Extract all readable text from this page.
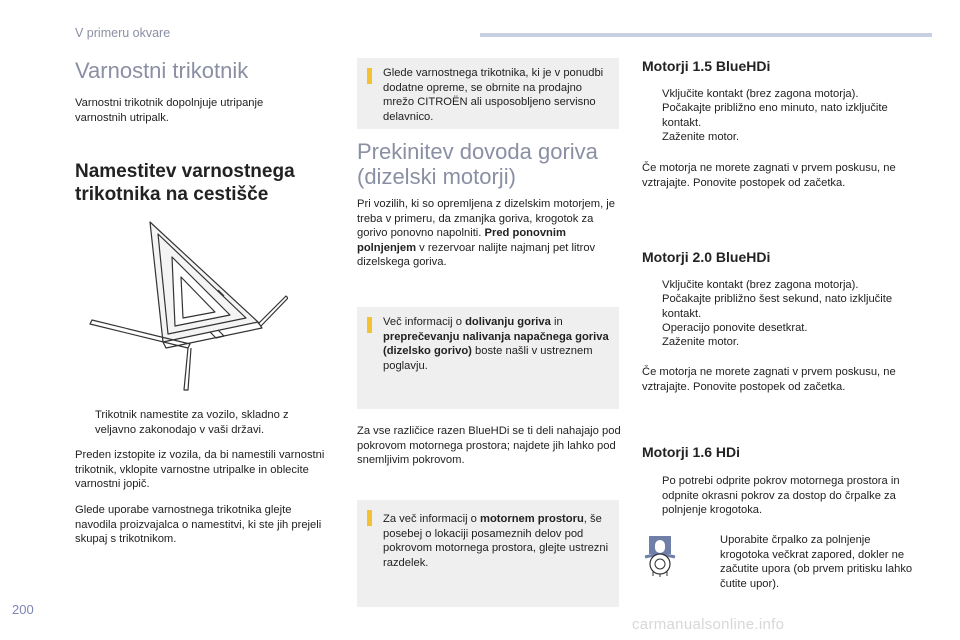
V primeru okvare
Varnostni trikotnik

Varnostni trikotnik dopolnjuje utripanje varnostnih utripalk.

Namestitev varnostnega trikotnika na cestišče
Trikotnik namestite za vozilo, skladno z veljavno zakonodajo v vaši državi.

Preden izstopite iz vozila, da bi namestili varnostni trikotnik, vklopite varnostne utripalke in oblecite varnostni jopič.

Glede uporabe varnostnega trikotnika glejte navodila proizvajalca o namestitvi, ki ste jih prejeli skupaj s trikotnikom.

Glede varnostnega trikotnika, ki je v ponudbi dodatne opreme, se obrnite na prodajno mrežo CITROËN ali usposobljeno servisno delavnico.
Prekinitev dovoda goriva (dizelski motorji)

Pri vozilih, ki so opremljena z dizelskim motorjem, je treba v primeru, da zmanjka goriva, krogotok za gorivo ponovno napolniti. Pred ponovnim polnjenjem v rezervoar nalijte najmanj pet litrov dizelskega goriva.

Več informacij o dolivanju goriva in preprečevanju nalivanja napačnega goriva (dizelsko gorivo) boste našli v ustreznem poglavju.

Za vse različice razen BlueHDi se ti deli nahajajo pod pokrovom motornega prostora; najdete jih lahko pod snemljivim pokrovom.

Za več informacij o motornem prostoru, še posebej o lokaciji posameznih delov pod pokrovom motornega prostora, glejte ustrezni razdelek.
Motorji 1.5 BlueHDi
Vključite kontakt (brez zagona motorja).
Počakajte približno eno minuto, nato izključite kontakt.
Zaženite motor.

Če motorja ne morete zagnati v prvem poskusu, ne vztrajajte. Ponovite postopek od začetka.

Motorji 2.0 BlueHDi
Vključite kontakt (brez zagona motorja).
Počakajte približno šest sekund, nato izključite kontakt.
Operacijo ponovite desetkrat.
Zaženite motor.

Če motorja ne morete zagnati v prvem poskusu, ne vztrajajte. Ponovite postopek od začetka.

Motorji 1.6 HDi
Po potrebi odprite pokrov motornega prostora in odpnite okrasni pokrov za dostop do črpalke za polnjenje krogotoka.
Uporabite črpalko za polnjenje krogotoka večkrat zapored, dokler ne začutite upora (ob prvem pritisku lahko čutite upor).
200
carmanualsonline.info
